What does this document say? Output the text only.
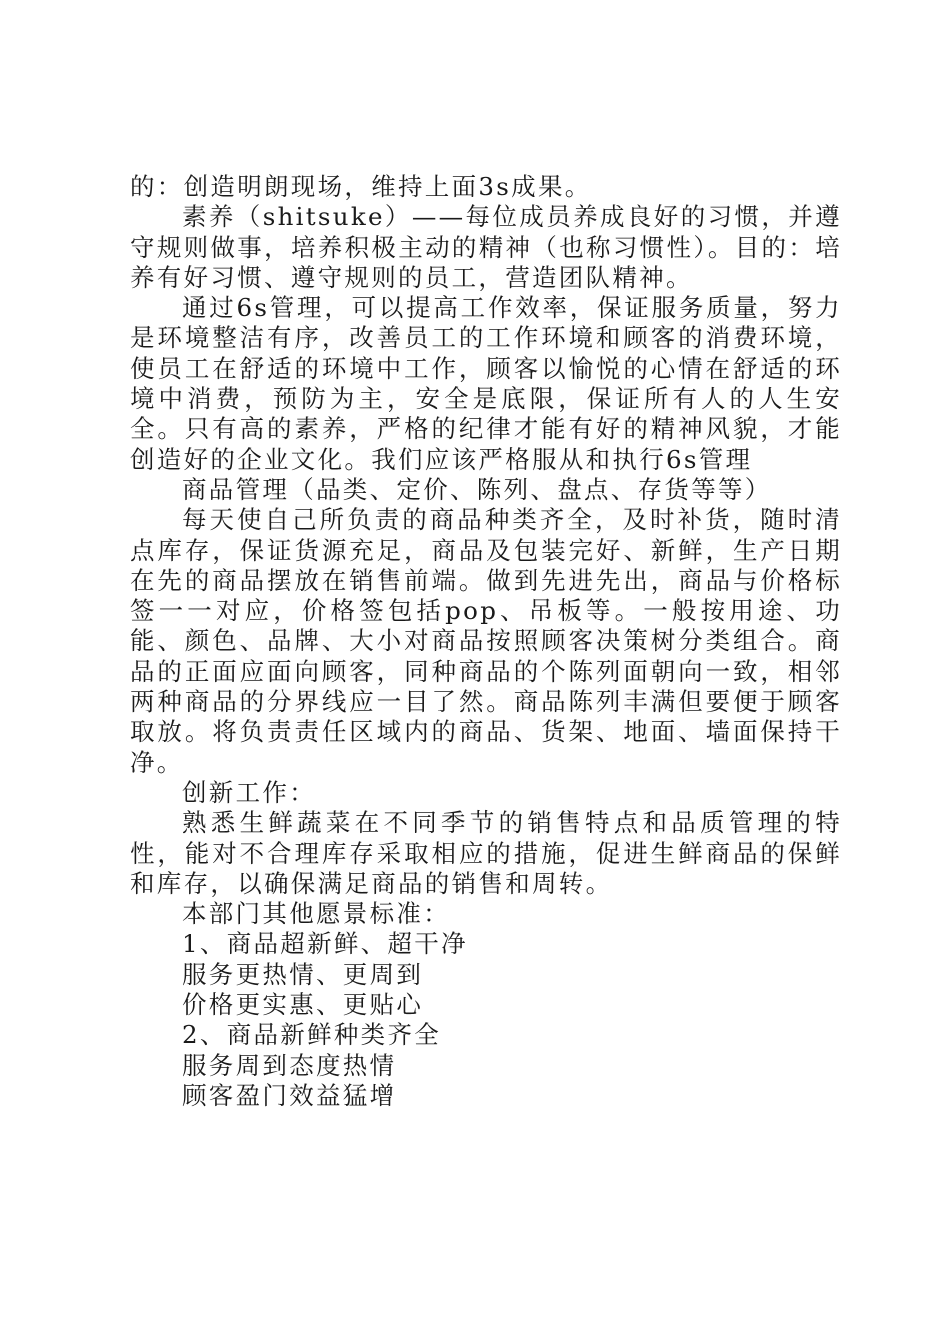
的：创造明朗现场，维持上面3s成果。

素养（shitsuke）——每位成员养成良好的习惯，并遵守规则做事，培养积极主动的精神（也称习惯性）。目的：培养有好习惯、遵守规则的员工，营造团队精神。

通过6s管理，可以提高工作效率，保证服务质量，努力是环境整洁有序，改善员工的工作环境和顾客的消费环境，使员工在舒适的环境中工作，顾客以愉悦的心情在舒适的环境中消费，预防为主，安全是底限，保证所有人的人生安全。只有高的素养，严格的纪律才能有好的精神风貌，才能创造好的企业文化。我们应该严格服从和执行6s管理

商品管理（品类、定价、陈列、盘点、存货等等）

每天使自己所负责的商品种类齐全，及时补货，随时清点库存，保证货源充足，商品及包装完好、新鲜，生产日期在先的商品摆放在销售前端。做到先进先出，商品与价格标签一一对应，价格签包括pop、吊板等。一般按用途、功能、颜色、品牌、大小对商品按照顾客决策树分类组合。商品的正面应面向顾客，同种商品的个陈列面朝向一致，相邻两种商品的分界线应一目了然。商品陈列丰满但要便于顾客取放。将负责责任区域内的商品、货架、地面、墙面保持干净。

创新工作：

熟悉生鲜蔬菜在不同季节的销售特点和品质管理的特性，能对不合理库存采取相应的措施，促进生鲜商品的保鲜和库存，以确保满足商品的销售和周转。

本部门其他愿景标准：

1、商品超新鲜、超干净

服务更热情、更周到

价格更实惠、更贴心

2、商品新鲜种类齐全

服务周到态度热情

顾客盈门效益猛增
